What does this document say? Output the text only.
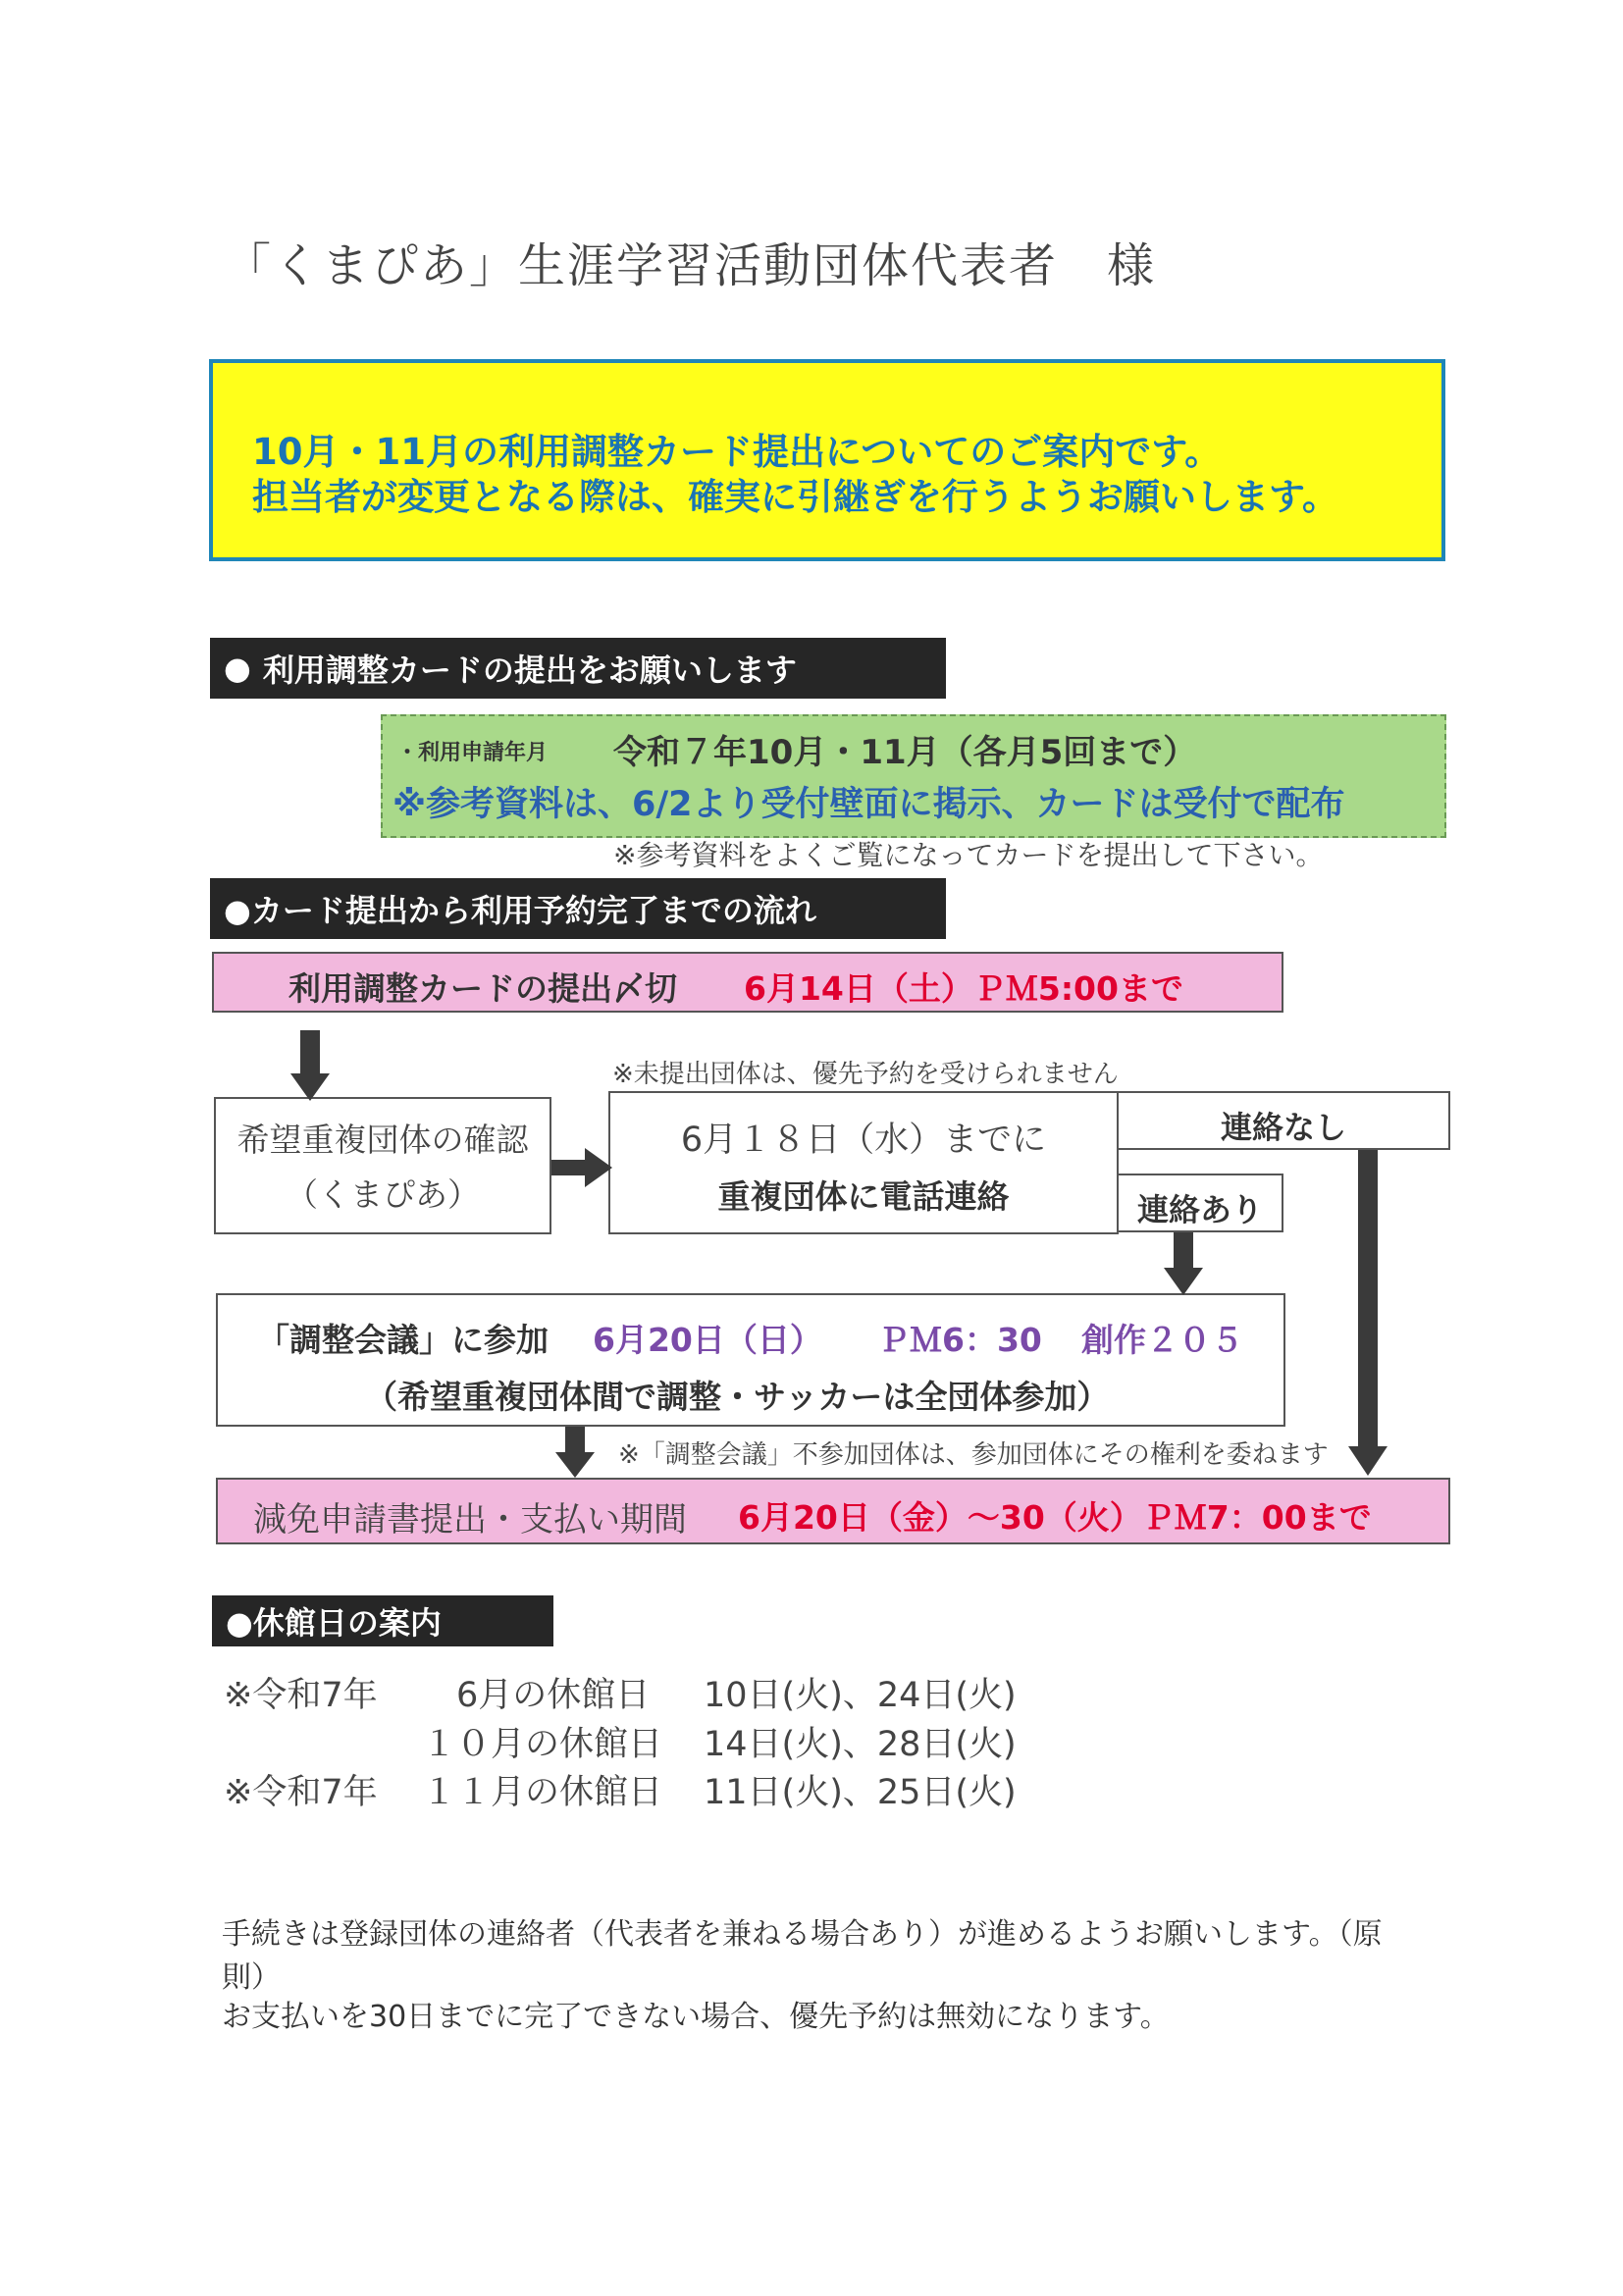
「くまぴあ」生涯学習活動団体代表者　様
10月・11月の利用調整カード提出についてのご案内です。
担当者が変更となる際は、確実に引継ぎを行うようお願いします。
● 利用調整カードの提出をお願いします
・利用申請年月 令和７年10月・11月（各月5回まで）
※参考資料は、6/2より受付壁面に掲示、カードは受付で配布
※参考資料をよくご覧になってカードを提出して下さい。
●カード提出から利用予約完了までの流れ
利用調整カードの提出〆切 6月14日（土）ＰＭ5:00まで
※未提出団体は、優先予約を受けられません
希望重複団体の確認
（くまぴあ）
6月１８日（水）までに
重複団体に電話連絡
連絡なし
連絡あり
「調整会議」に参加 6月20日（日） ＰＭ6：30 創作２０５
（希望重複団体間で調整・サッカーは全団体参加）
※「調整会議」不参加団体は、参加団体にその権利を委ねます
減免申請書提出・支払い期間 6月20日（金）～30（火）ＰＭ7：00まで
●休館日の案内
※令和7年 　6月の休館日 10日(火)、24日(火)
１０月の休館日 14日(火)、28日(火)
※令和7年 １１月の休館日 11日(火)、25日(火)
手続きは登録団体の連絡者（代表者を兼ねる場合あり）が進めるようお願いします。（原
則）
お支払いを30日までに完了できない場合、優先予約は無効になります。
